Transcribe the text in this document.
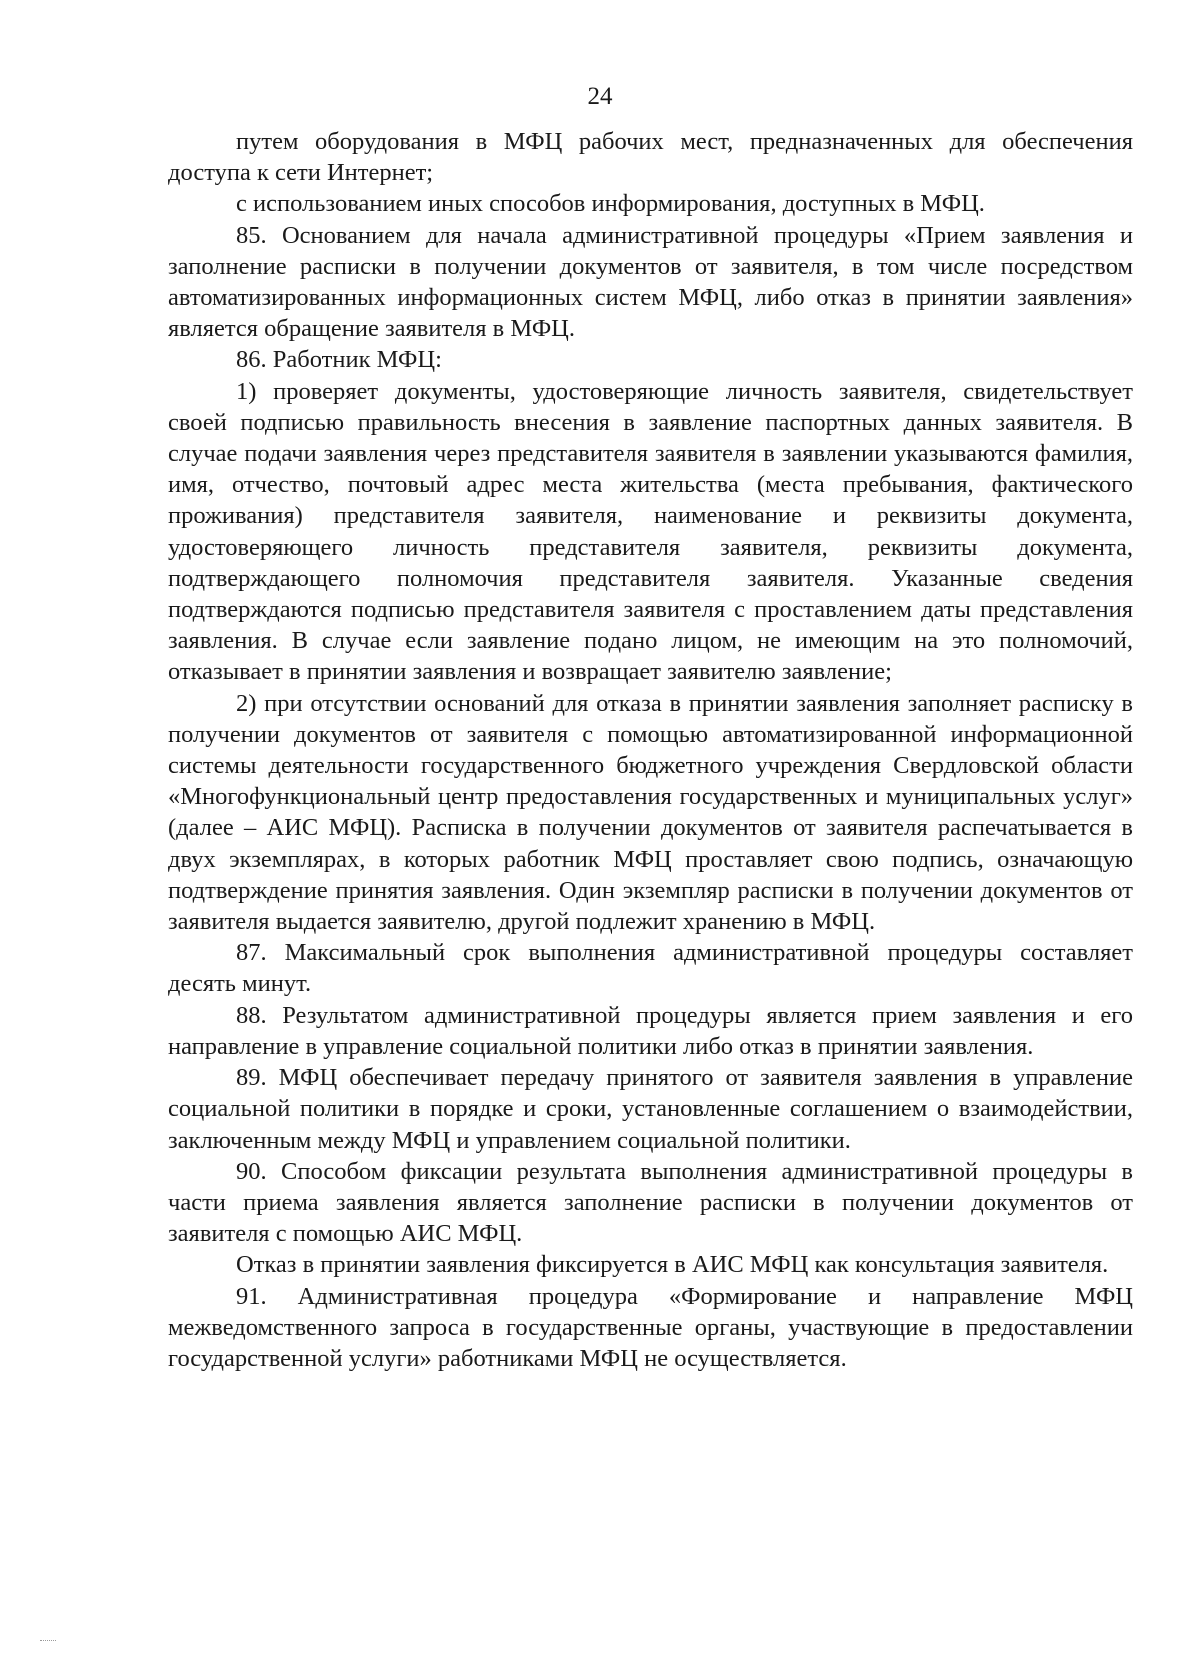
24

путем оборудования в МФЦ рабочих мест, предназначенных для обеспечения доступа к сети Интернет;

с использованием иных способов информирования, доступных в МФЦ.

85. Основанием для начала административной процедуры «Прием заявления и заполнение расписки в получении документов от заявителя, в том числе посредством автоматизированных информационных систем МФЦ, либо отказ в принятии заявления» является обращение заявителя в МФЦ.

86. Работник МФЦ:

1) проверяет документы, удостоверяющие личность заявителя, свидетельствует своей подписью правильность внесения в заявление паспортных данных заявителя. В случае подачи заявления через представителя заявителя в заявлении указываются фамилия, имя, отчество, почтовый адрес места жительства (места пребывания, фактического проживания) представителя заявителя, наименование и реквизиты документа, удостоверяющего личность представителя заявителя, реквизиты документа, подтверждающего полномочия представителя заявителя. Указанные сведения подтверждаются подписью представителя заявителя с проставлением даты представления заявления. В случае если заявление подано лицом, не имеющим на это полномочий, отказывает в принятии заявления и возвращает заявителю заявление;

2) при отсутствии оснований для отказа в принятии заявления заполняет расписку в получении документов от заявителя с помощью автоматизированной информационной системы деятельности государственного бюджетного учреждения Свердловской области «Многофункциональный центр предоставления государственных и муниципальных услуг» (далее – АИС МФЦ). Расписка в получении документов от заявителя распечатывается в двух экземплярах, в которых работник МФЦ проставляет свою подпись, означающую подтверждение принятия заявления. Один экземпляр расписки в получении документов от заявителя выдается заявителю, другой подлежит хранению в МФЦ.

87. Максимальный срок выполнения административной процедуры составляет десять минут.

88. Результатом административной процедуры является прием заявления и его направление в управление социальной политики либо отказ в принятии заявления.

89. МФЦ обеспечивает передачу принятого от заявителя заявления в управление социальной политики в порядке и сроки, установленные соглашением о взаимодействии, заключенным между МФЦ и управлением социальной политики.

90. Способом фиксации результата выполнения административной процедуры в части приема заявления является заполнение расписки в получении документов от заявителя с помощью АИС МФЦ.

Отказ в принятии заявления фиксируется в АИС МФЦ как консультация заявителя.

91. Административная процедура «Формирование и направление МФЦ межведомственного запроса в государственные органы, участвующие в предоставлении государственной услуги» работниками МФЦ не осуществляется.
